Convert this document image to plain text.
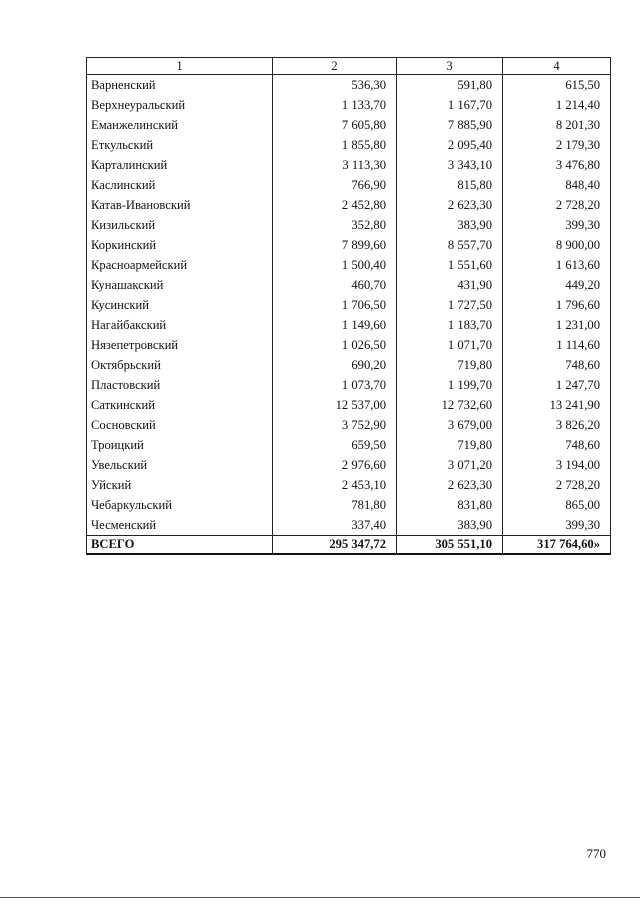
1	2	3	4
Варненский	536,30	591,80	615,50
Верхнеуральский	1 133,70	1 167,70	1 214,40
Еманжелинский	7 605,80	7 885,90	8 201,30
Еткульский	1 855,80	2 095,40	2 179,30
Карталинский	3 113,30	3 343,10	3 476,80
Каслинский	766,90	815,80	848,40
Катав-Ивановский	2 452,80	2 623,30	2 728,20
Кизильский	352,80	383,90	399,30
Коркинский	7 899,60	8 557,70	8 900,00
Красноармейский	1 500,40	1 551,60	1 613,60
Кунашакский	460,70	431,90	449,20
Кусинский	1 706,50	1 727,50	1 796,60
Нагайбакский	1 149,60	1 183,70	1 231,00
Нязепетровский	1 026,50	1 071,70	1 114,60
Октябрьский	690,20	719,80	748,60
Пластовский	1 073,70	1 199,70	1 247,70
Саткинский	12 537,00	12 732,60	13 241,90
Сосновский	3 752,90	3 679,00	3 826,20
Троицкий	659,50	719,80	748,60
Увельский	2 976,60	3 071,20	3 194,00
Уйский	2 453,10	2 623,30	2 728,20
Чебаркульский	781,80	831,80	865,00
Чесменский	337,40	383,90	399,30
ВСЕГО	295 347,72	305 551,10	317 764,60»
770
